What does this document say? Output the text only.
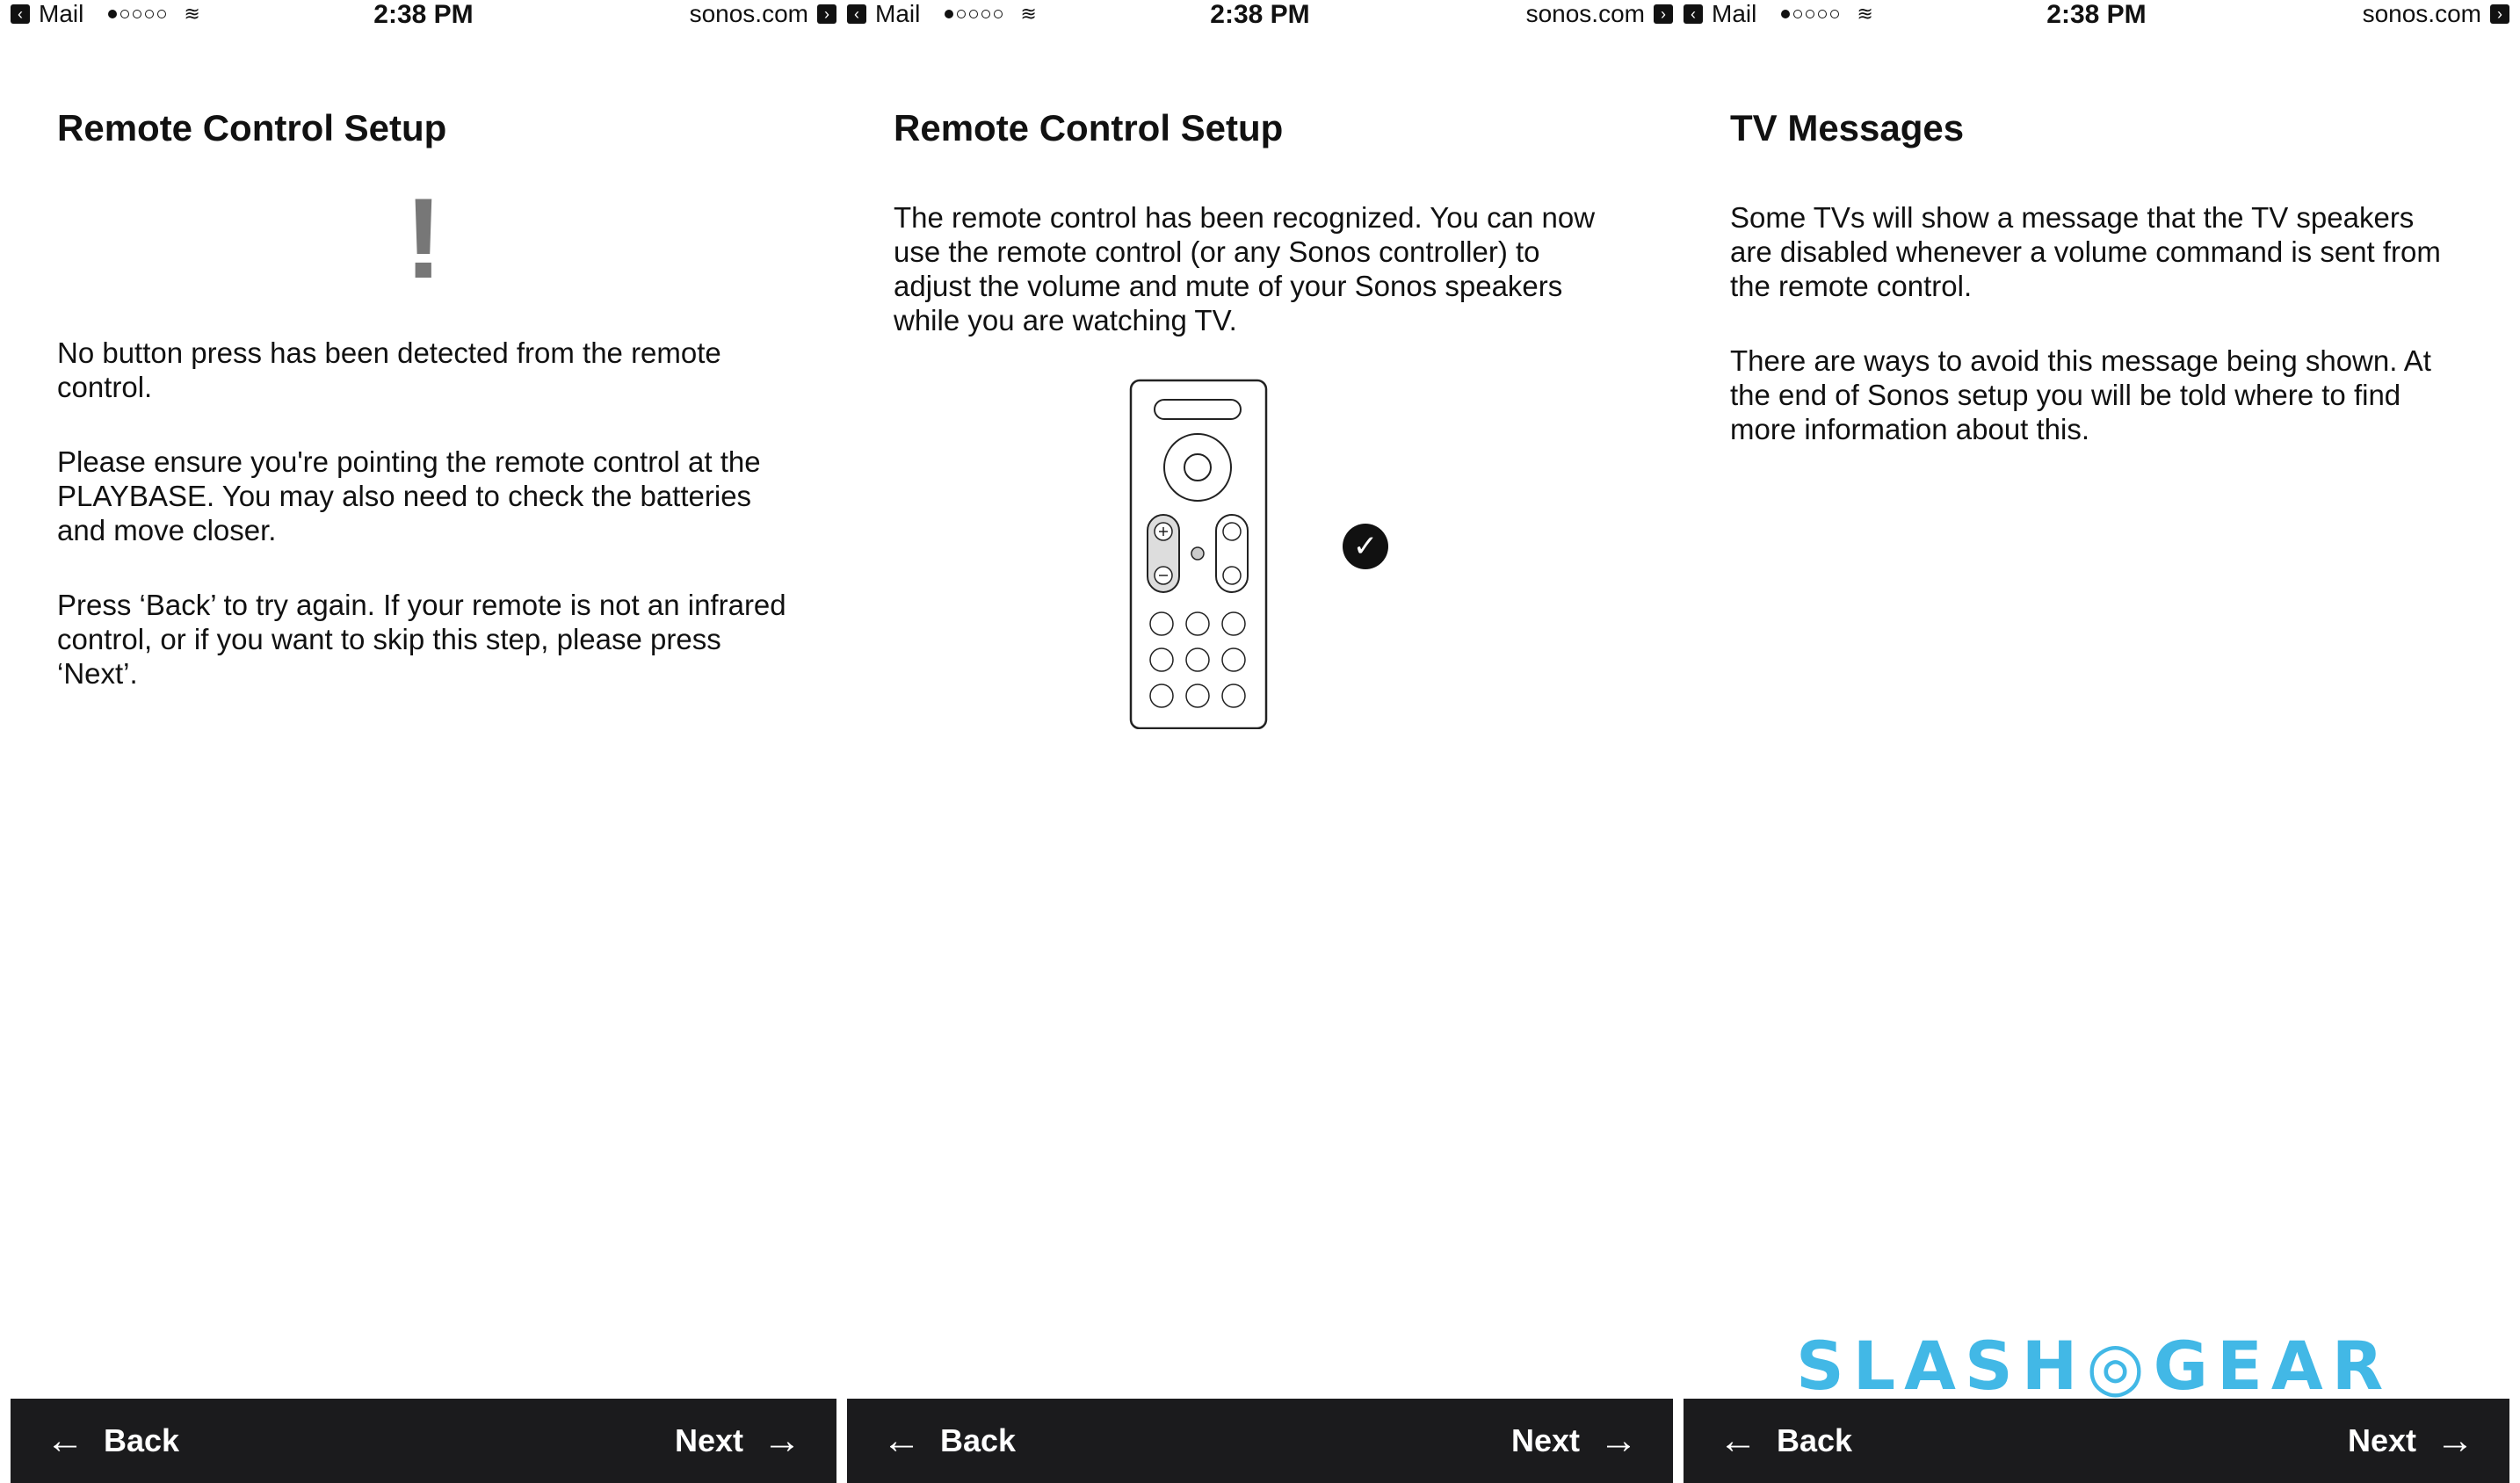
‹ Mail	≋	2:38 PM	sonos.com	›
Remote Control Setup
!

No button press has been detected from the remote control.

Please ensure you're pointing the remote control at the PLAYBASE. You may also need to check the batteries and move closer.

Press ‘Back’ to try again. If your remote is not an infrared control, or if you want to skip this step, please press ‘Next’.

← Back	Next →
‹ Mail	≋	2:38 PM	sonos.com	›
Remote Control Setup

The remote control has been recognized. You can now use the remote control (or any Sonos controller) to adjust the volume and mute of your Sonos speakers while you are watching TV.

✓
← Back	Next →
‹ Mail	≋	2:38 PM	sonos.com	›
TV Messages

Some TVs will show a message that the TV speakers are disabled whenever a volume command is sent from the remote control.

There are ways to avoid this message being shown. At the end of Sonos setup you will be told where to find more information about this.

← Back	Next →
SLASH◎GEAR
